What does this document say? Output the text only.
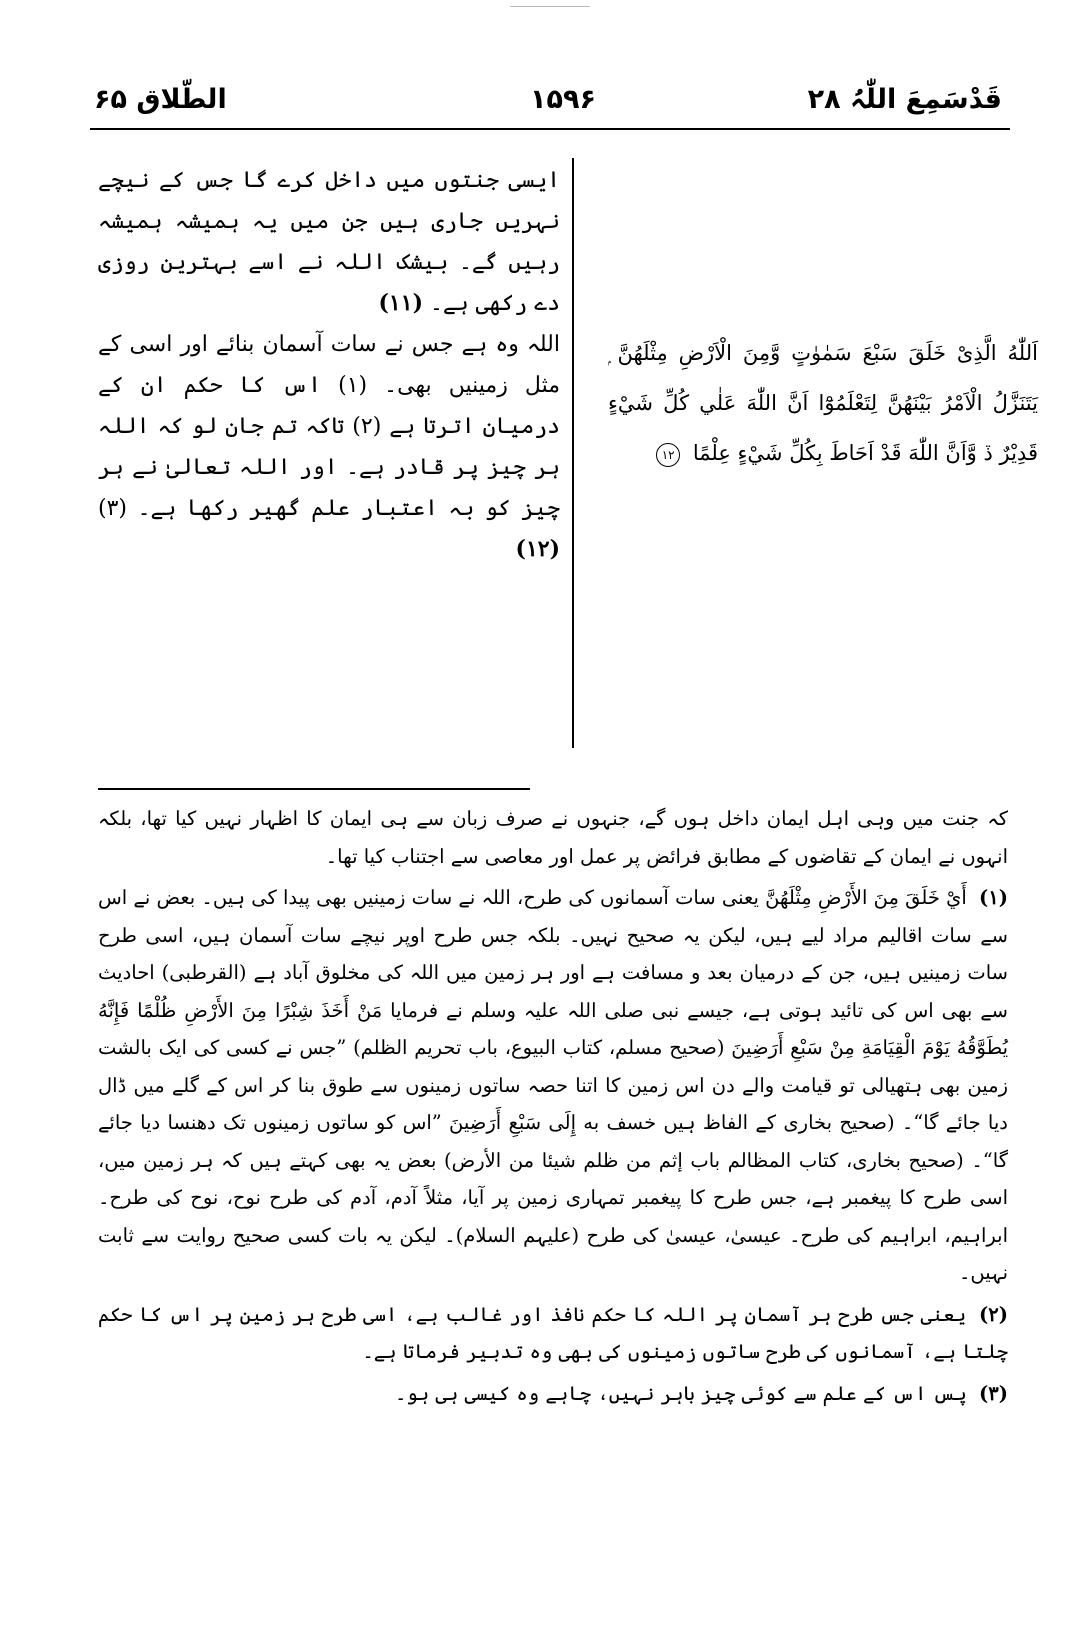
قَدْسَمِعَ اللّٰہُ ۲۸
۱۵۹۶
الطّلاق ۶۵

ایسی جنتوں میں داخل کرے گا جس کے نیچے نہریں جاری ہیں جن میں یہ ہمیشہ ہمیشہ رہیں گے۔ بیشک اللہ نے اسے بہترین روزی دے رکھی ہے۔ (۱۱)

اللہ وہ ہے جس نے سات آسمان بنائے اور اسی کے مثل زمینیں بھی۔ (۱) اس کا حکم ان کے درمیان اترتا ہے (۲) تاکہ تم جان لو کہ اللہ ہر چیز پر قادر ہے۔ اور اللہ تعالیٰ نے ہر چیز کو بہ اعتبار علم گھیر رکھا ہے۔ (۳) (۱۲)

اَللّٰهُ الَّذِیْ خَلَقَ سَبْعَ سَمٰوٰتٍ وَّمِنَ الْاَرْضِ مِثْلَهُنَّ ۭ يَتَنَزَّلُ الْاَمْرُ بَيْنَهُنَّ لِتَعْلَمُوْٓا اَنَّ اللّٰهَ عَلٰي كُلِّ شَيْءٍ قَدِيْرٌ ڏ وَّاَنَّ اللّٰهَ قَدْ اَحَاطَ بِكُلِّ شَيْءٍ عِلْمًا ۱۲

کہ جنت میں وہی اہل ایمان داخل ہوں گے، جنہوں نے صرف زبان سے ہی ایمان کا اظہار نہیں کیا تھا، بلکہ انہوں نے ایمان کے تقاضوں کے مطابق فرائض پر عمل اور معاصی سے اجتناب کیا تھا۔

(۱) أَيْ خَلَقَ مِنَ الأَرْضِ مِثْلَهُنَّ یعنی سات آسمانوں کی طرح، اللہ نے سات زمینیں بھی پیدا کی ہیں۔ بعض نے اس سے سات اقالیم مراد لیے ہیں، لیکن یہ صحیح نہیں۔ بلکہ جس طرح اوپر نیچے سات آسمان ہیں، اسی طرح سات زمینیں ہیں، جن کے درمیان بعد و مسافت ہے اور ہر زمین میں اللہ کی مخلوق آباد ہے (القرطبی) احادیث سے بھی اس کی تائید ہوتی ہے، جیسے نبی صلی اللہ علیہ وسلم نے فرمایا مَنْ أَخَذَ شِبْرًا مِنَ الأَرْضِ ظُلْمًا فَإِنَّهُ يُطَوَّقُهُ يَوْمَ الْقِيَامَةِ مِنْ سَبْعِ أَرَضِينَ (صحیح مسلم، کتاب البیوع، باب تحریم الظلم) ”جس نے کسی کی ایک بالشت زمین بھی ہتھیالی تو قیامت والے دن اس زمین کا اتنا حصہ ساتوں زمینوں سے طوق بنا کر اس کے گلے میں ڈال دیا جائے گا“۔ (صحیح بخاری کے الفاظ ہیں خسف به إِلَى سَبْعِ أَرَضِينَ ”اس کو ساتوں زمینوں تک دھنسا دیا جائے گا“۔ (صحیح بخاری، کتاب المظالم باب إثم من ظلم شیئا من الأرض) بعض یہ بھی کہتے ہیں کہ ہر زمین میں، اسی طرح کا پیغمبر ہے، جس طرح کا پیغمبر تمہاری زمین پر آیا، مثلاً آدم، آدم کی طرح نوح، نوح کی طرح۔ ابراہیم، ابراہیم کی طرح۔ عیسیٰ، عیسیٰ کی طرح (علیہم السلام)۔ لیکن یہ بات کسی صحیح روایت سے ثابت نہیں۔

(۲) یعنی جس طرح ہر آسمان پر اللہ کا حکم نافذ اور غالب ہے، اسی طرح ہر زمین پر اس کا حکم چلتا ہے، آسمانوں کی طرح ساتوں زمینوں کی بھی وہ تدبیر فرماتا ہے۔

(۳) پس اس کے علم سے کوئی چیز باہر نہیں، چاہے وہ کیسی ہی ہو۔
